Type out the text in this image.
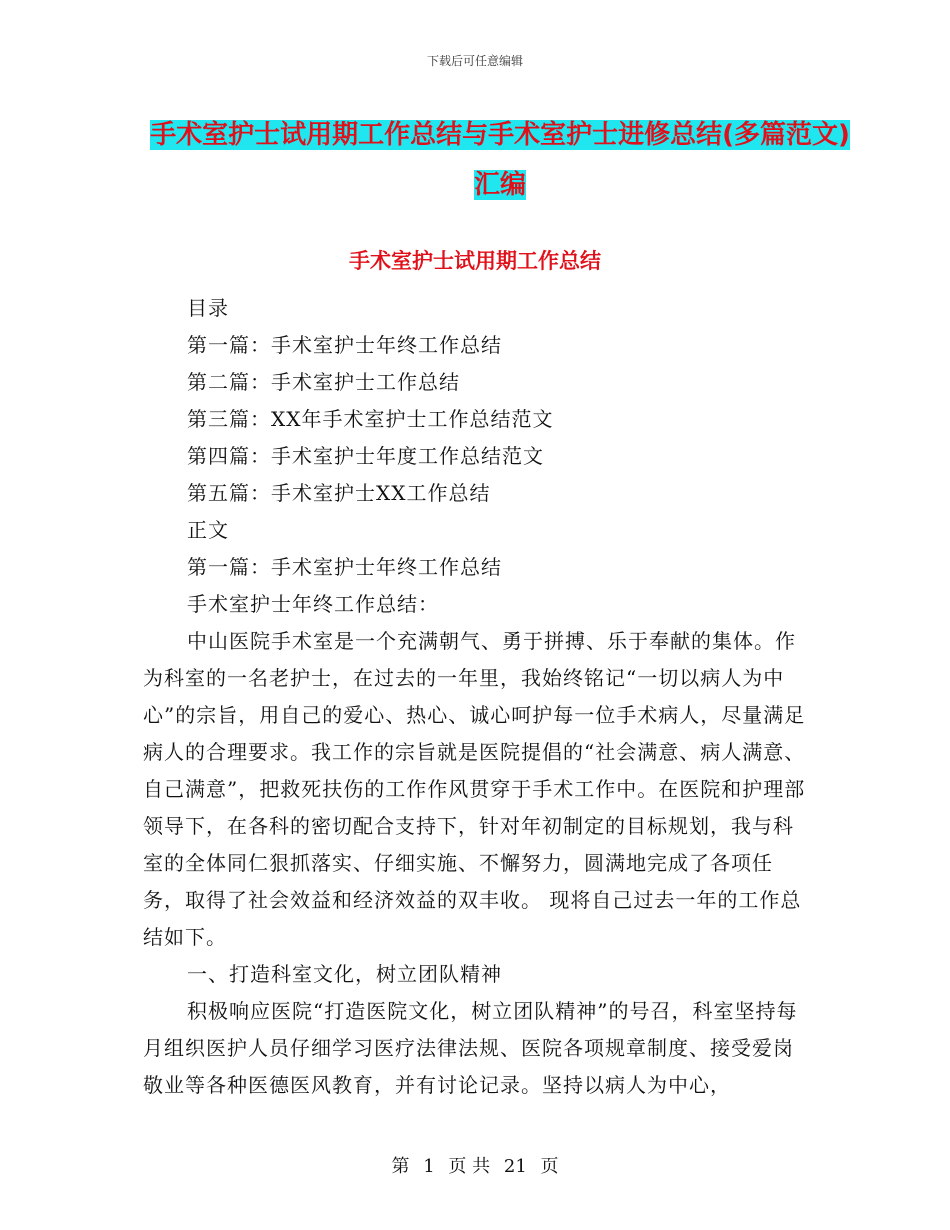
下载后可任意编辑
手术室护士试用期工作总结与手术室护士进修总结(多篇范文)汇编
手术室护士试用期工作总结

目录

第一篇：手术室护士年终工作总结

第二篇：手术室护士工作总结

第三篇：XX年手术室护士工作总结范文

第四篇：手术室护士年度工作总结范文

第五篇：手术室护士XX工作总结

正文

第一篇：手术室护士年终工作总结

手术室护士年终工作总结：

中山医院手术室是一个充满朝气、勇于拼搏、乐于奉献的集体。作为科室的一名老护士，在过去的一年里，我始终铭记“一切以病人为中心”的宗旨，用自己的爱心、热心、诚心呵护每一位手术病人，尽量满足病人的合理要求。我工作的宗旨就是医院提倡的“社会满意、病人满意、自己满意”，把救死扶伤的工作作风贯穿于手术工作中。在医院和护理部领导下，在各科的密切配合支持下，针对年初制定的目标规划，我与科室的全体同仁狠抓落实、仔细实施、不懈努力，圆满地完成了各项任务，取得了社会效益和经济效益的双丰收。 现将自己过去一年的工作总结如下。

一、打造科室文化，树立团队精神

积极响应医院“打造医院文化，树立团队精神”的号召，科室坚持每月组织医护人员仔细学习医疗法律法规、医院各项规章制度、接受爱岗敬业等各种医德医风教育，并有讨论记录。坚持以病人为中心，

第 1 页 共 21 页
